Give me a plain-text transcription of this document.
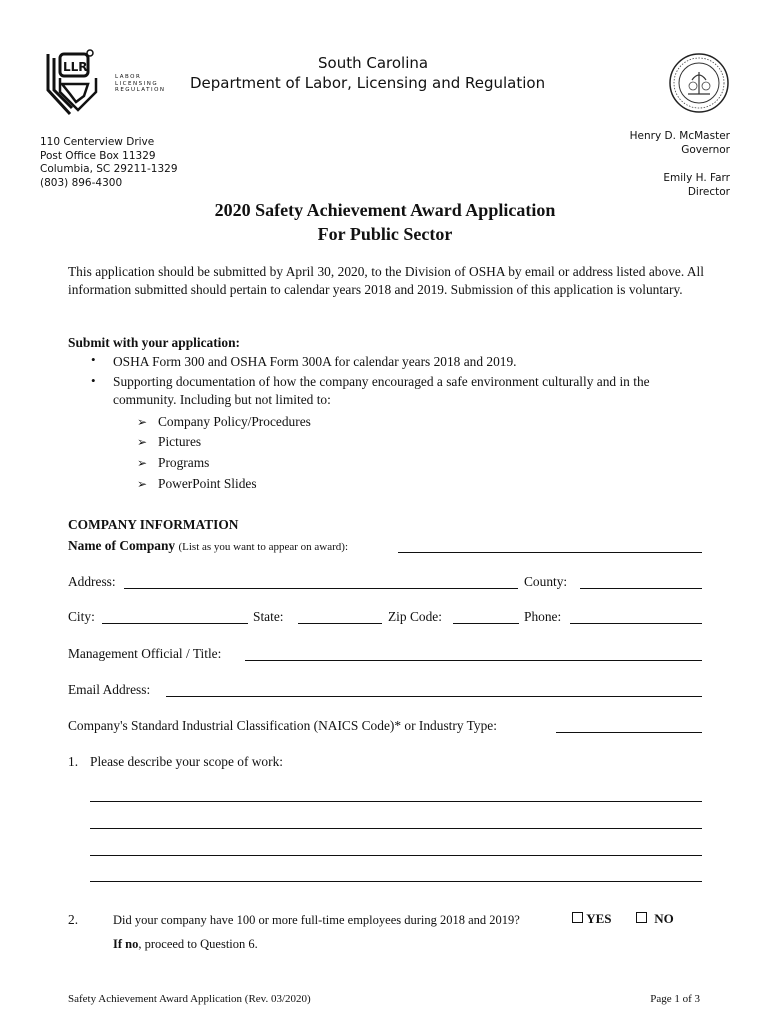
LLR
LABOR
LICENSING
REGULATION
South Carolina
Department of Labor, Licensing and Regulation
110 Centerview Drive
Post Office Box 11329
Columbia, SC 29211-1329
(803) 896-4300
Henry D. McMaster
Governor
Emily H. Farr
Director
2020 Safety Achievement Award Application
For Public Sector
This application should be submitted by April 30, 2020, to the Division of OSHA by email or address listed above. All information submitted should pertain to calendar years 2018 and 2019. Submission of this application is voluntary.
Submit with your application:
• OSHA Form 300 and OSHA Form 300A for calendar years 2018 and 2019.
• Supporting documentation of how the company encouraged a safe environment culturally and in the community. Including but not limited to:
➢ Company Policy/Procedures
➢ Pictures
➢ Programs
➢ PowerPoint Slides
COMPANY INFORMATION
Name of Company (List as you want to appear on award):
Address:	County:
City:	State:	Zip Code:	Phone:
Management Official / Title:
Email Address:
Company's Standard Industrial Classification (NAICS Code)* or Industry Type:
1. Please describe your scope of work:
2.	Did your company have 100 or more full-time employees during 2018 and 2019?	YES	NO
If no, proceed to Question 6.
Safety Achievement Award Application (Rev. 03/2020)	Page 1 of 3
